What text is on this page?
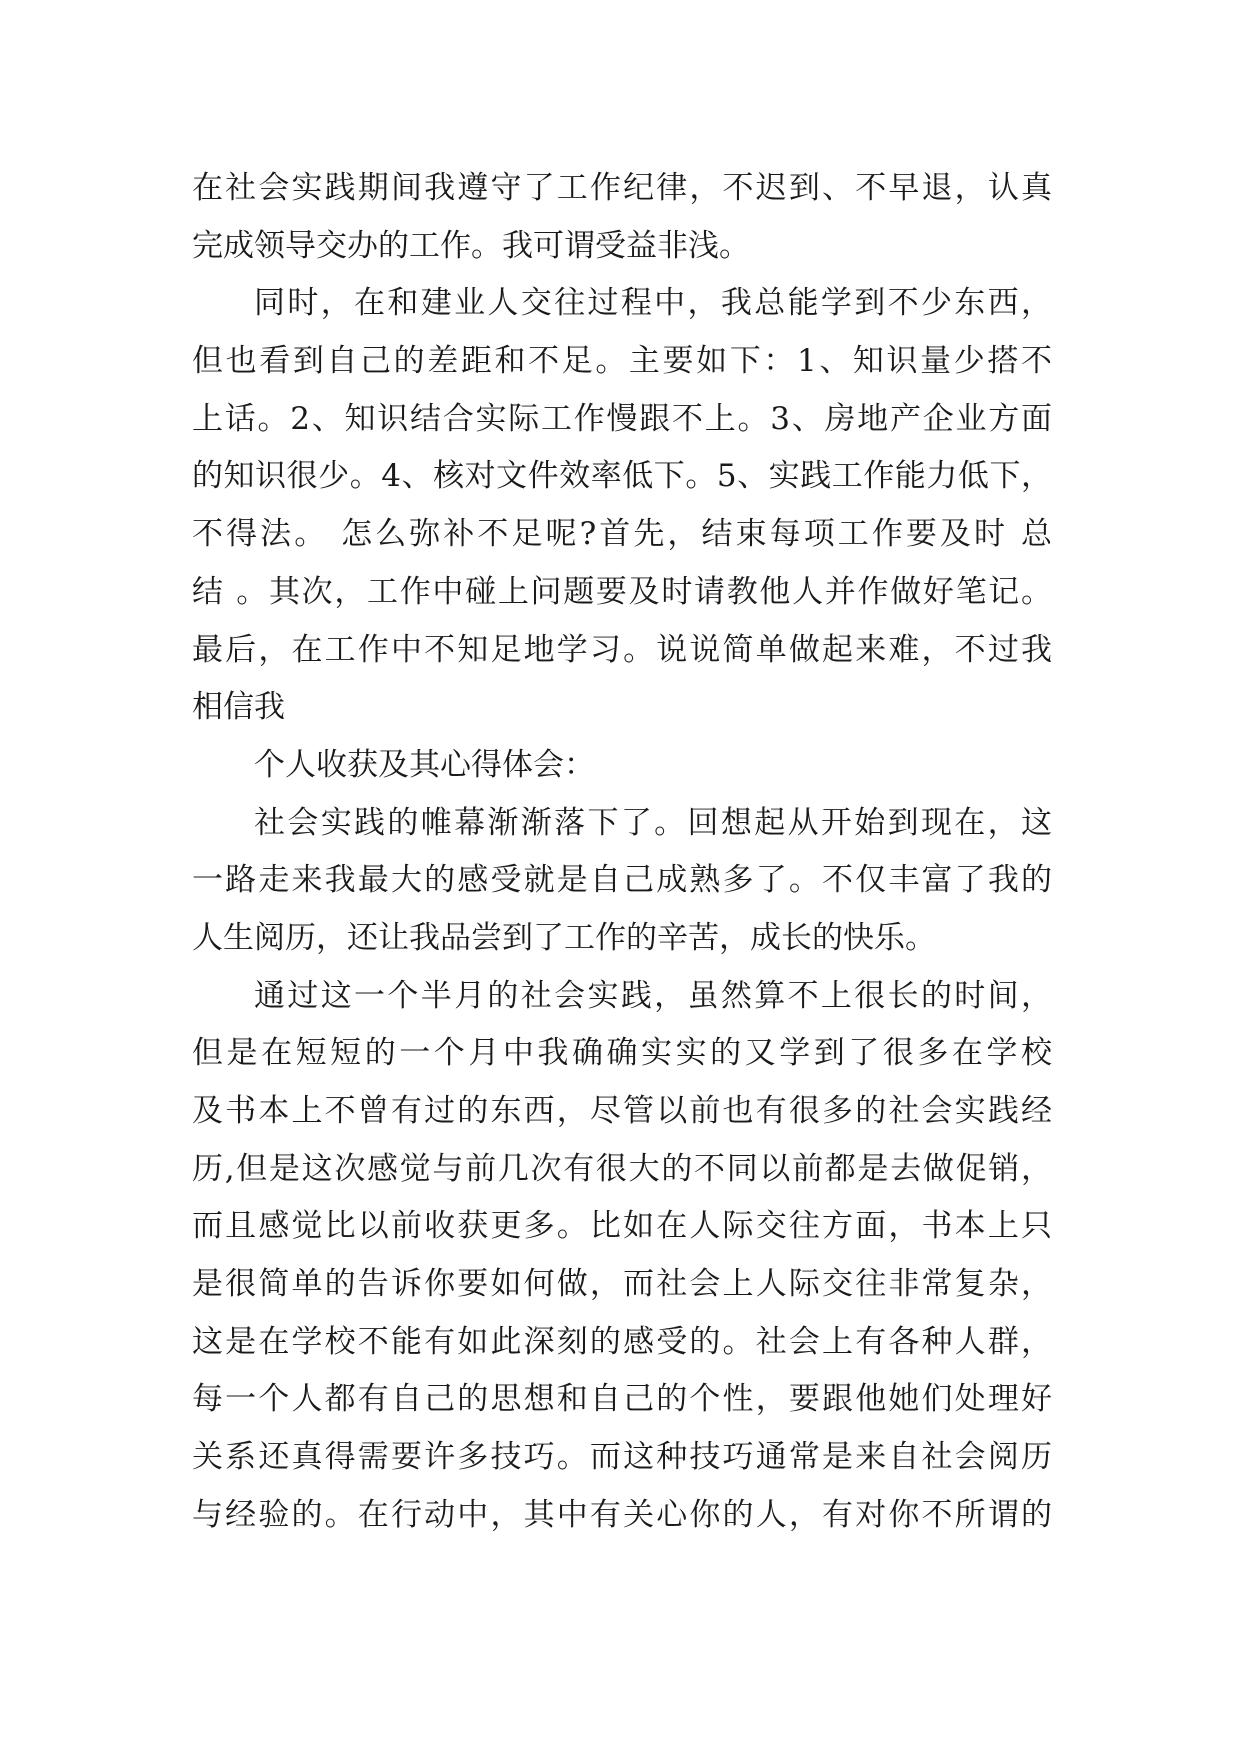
在社会实践期间我遵守了工作纪律，不迟到、不早退，认真
完成领导交办的工作。我可谓受益非浅。
同时，在和建业人交往过程中，我总能学到不少东西，
但也看到自己的差距和不足。主要如下：1、知识量少搭不
上话。2、知识结合实际工作慢跟不上。3、房地产企业方面
的知识很少。4、核对文件效率低下。5、实践工作能力低下，
不得法。 怎么弥补不足呢?首先，结束每项工作要及时 总
结 。其次，工作中碰上问题要及时请教他人并作做好笔记。
最后，在工作中不知足地学习。说说简单做起来难，不过我
相信我
个人收获及其心得体会：
社会实践的帷幕渐渐落下了。回想起从开始到现在，这
一路走来我最大的感受就是自己成熟多了。不仅丰富了我的
人生阅历，还让我品尝到了工作的辛苦，成长的快乐。
通过这一个半月的社会实践，虽然算不上很长的时间，
但是在短短的一个月中我确确实实的又学到了很多在学校
及书本上不曾有过的东西，尽管以前也有很多的社会实践经
历,但是这次感觉与前几次有很大的不同以前都是去做促销，
而且感觉比以前收获更多。比如在人际交往方面，书本上只
是很简单的告诉你要如何做，而社会上人际交往非常复杂，
这是在学校不能有如此深刻的感受的。社会上有各种人群，
每一个人都有自己的思想和自己的个性，要跟他她们处理好
关系还真得需要许多技巧。而这种技巧通常是来自社会阅历
与经验的。在行动中，其中有关心你的人，有对你不所谓的
